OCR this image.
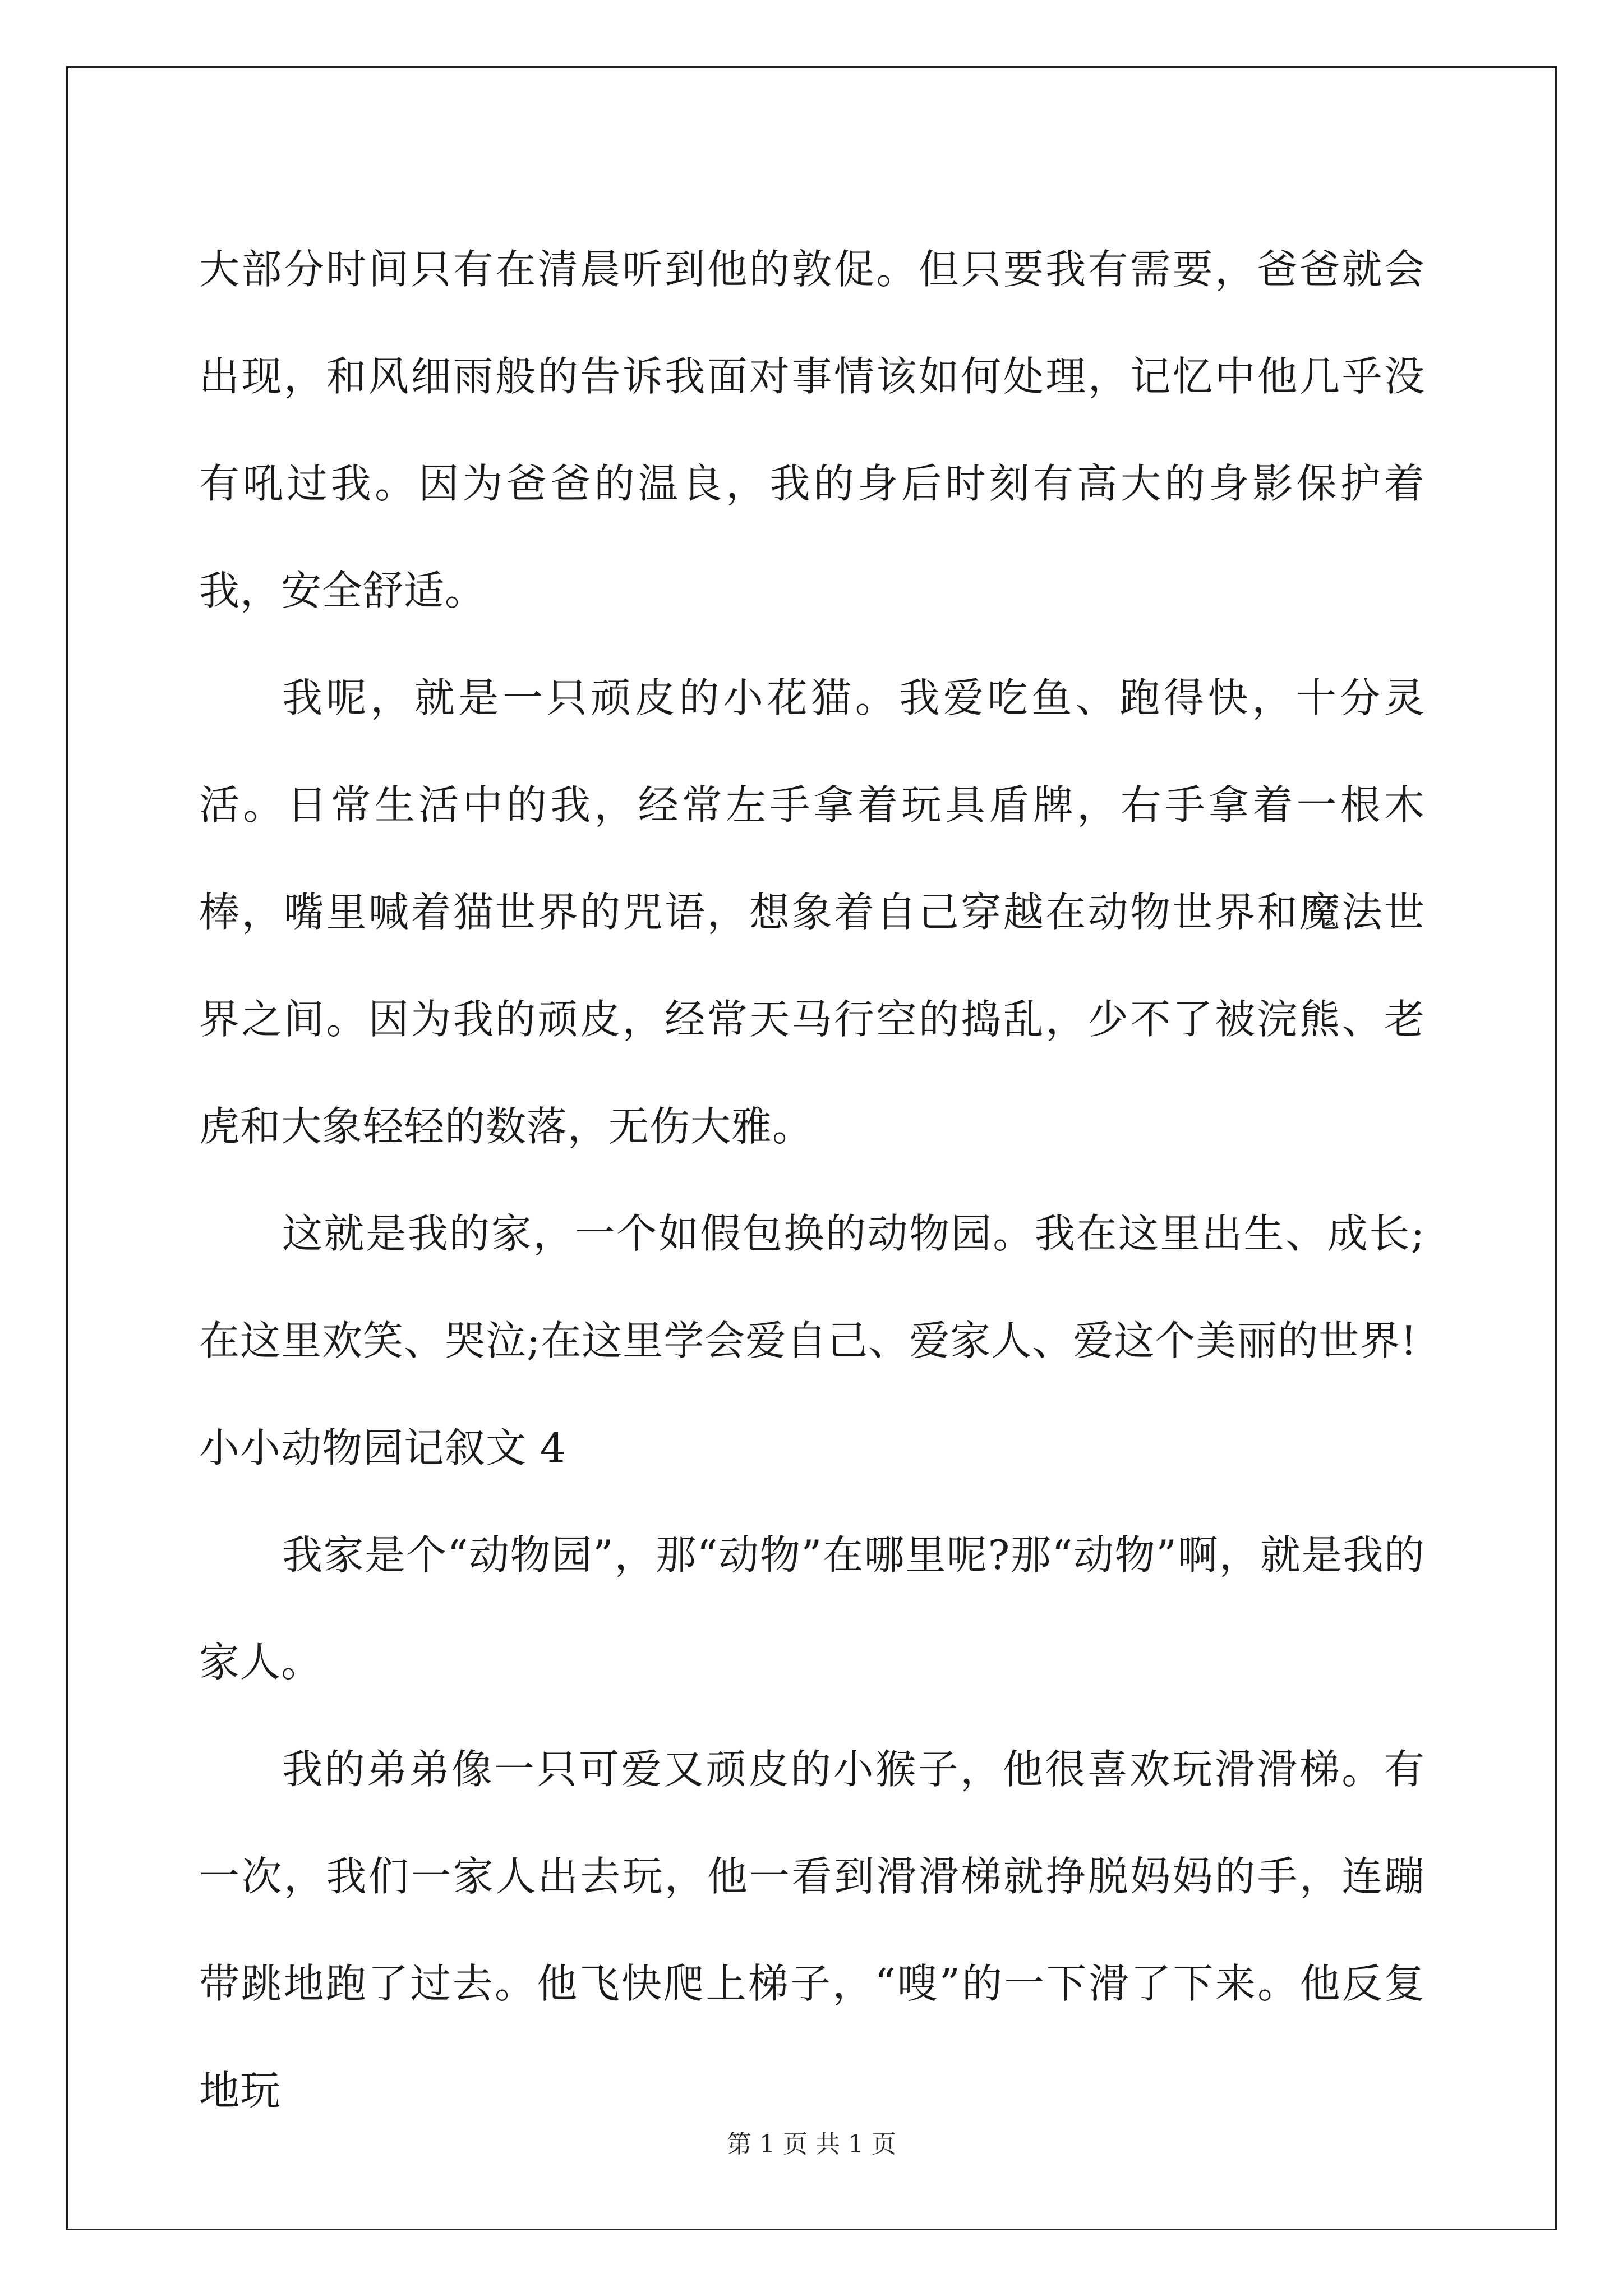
大部分时间只有在清晨听到他的敦促。但只要我有需要，爸爸就会出现，和风细雨般的告诉我面对事情该如何处理，记忆中他几乎没有吼过我。因为爸爸的温良，我的身后时刻有高大的身影保护着我，安全舒适。

我呢，就是一只顽皮的小花猫。我爱吃鱼、跑得快，十分灵活。日常生活中的我，经常左手拿着玩具盾牌，右手拿着一根木棒，嘴里喊着猫世界的咒语，想象着自己穿越在动物世界和魔法世界之间。因为我的顽皮，经常天马行空的捣乱，少不了被浣熊、老虎和大象轻轻的数落，无伤大雅。

这就是我的家，一个如假包换的动物园。我在这里出生、成长;在这里欢笑、哭泣;在这里学会爱自己、爱家人、爱这个美丽的世界!

小小动物园记叙文 4

我家是个“动物园”，那“动物”在哪里呢?那“动物”啊，就是我的家人。

我的弟弟像一只可爱又顽皮的小猴子，他很喜欢玩滑滑梯。有一次，我们一家人出去玩，他一看到滑滑梯就挣脱妈妈的手，连蹦带跳地跑了过去。他飞快爬上梯子，“嗖”的一下滑了下来。他反复地玩

第 1 页 共 1 页
